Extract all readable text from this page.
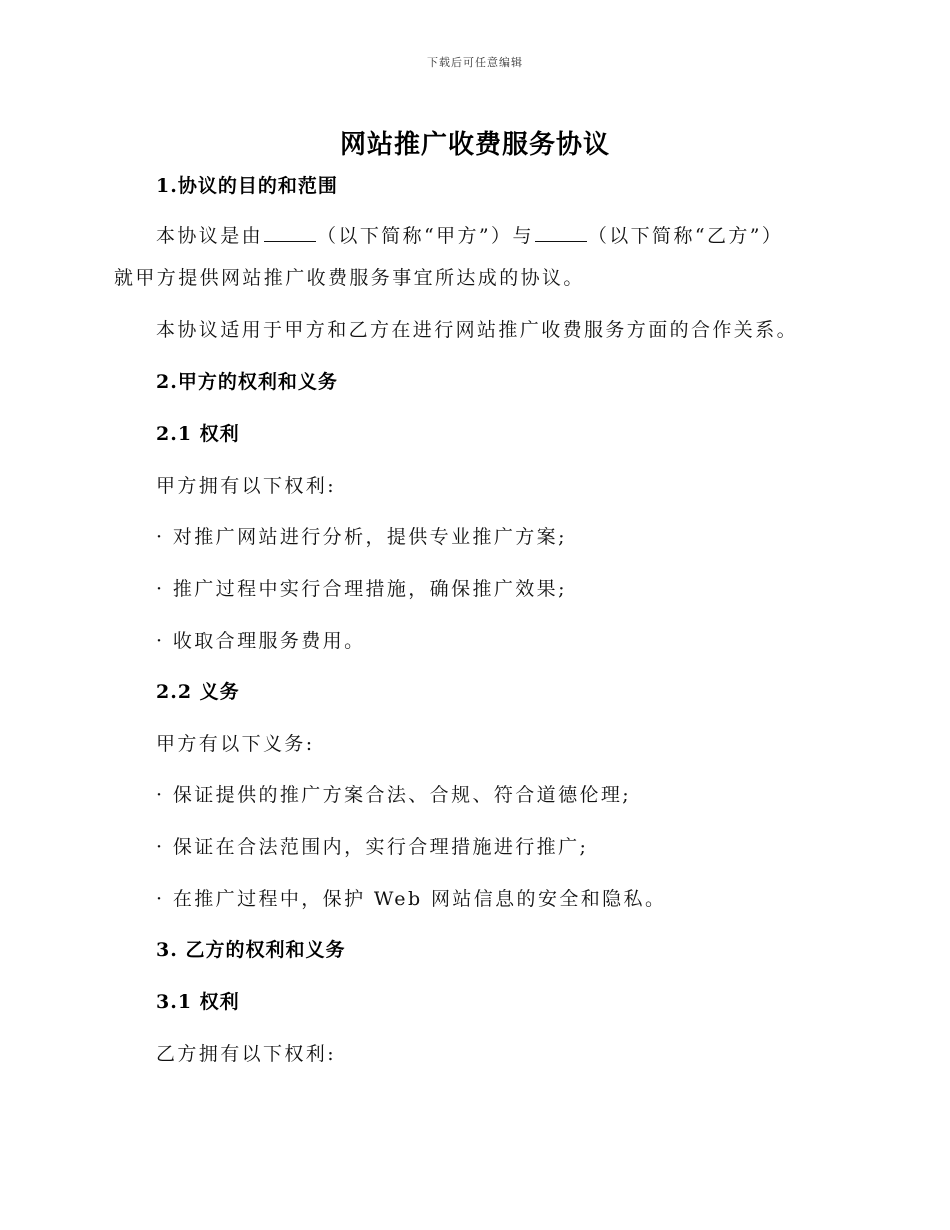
下载后可任意编辑
网站推广收费服务协议
1.协议的目的和范围
本协议是由	（以下简称“甲方”）与	（以下简称“乙方”）
就甲方提供网站推广收费服务事宜所达成的协议。
本协议适用于甲方和乙方在进行网站推广收费服务方面的合作关系。
2.甲方的权利和义务
2.1 权利
甲方拥有以下权利:
· 对推广网站进行分析，提供专业推广方案;
· 推广过程中实行合理措施，确保推广效果;
· 收取合理服务费用。
2.2 义务
甲方有以下义务:
· 保证提供的推广方案合法、合规、符合道德伦理;
· 保证在合法范围内，实行合理措施进行推广;
· 在推广过程中，保护 Web 网站信息的安全和隐私。
3. 乙方的权利和义务
3.1 权利
乙方拥有以下权利:
